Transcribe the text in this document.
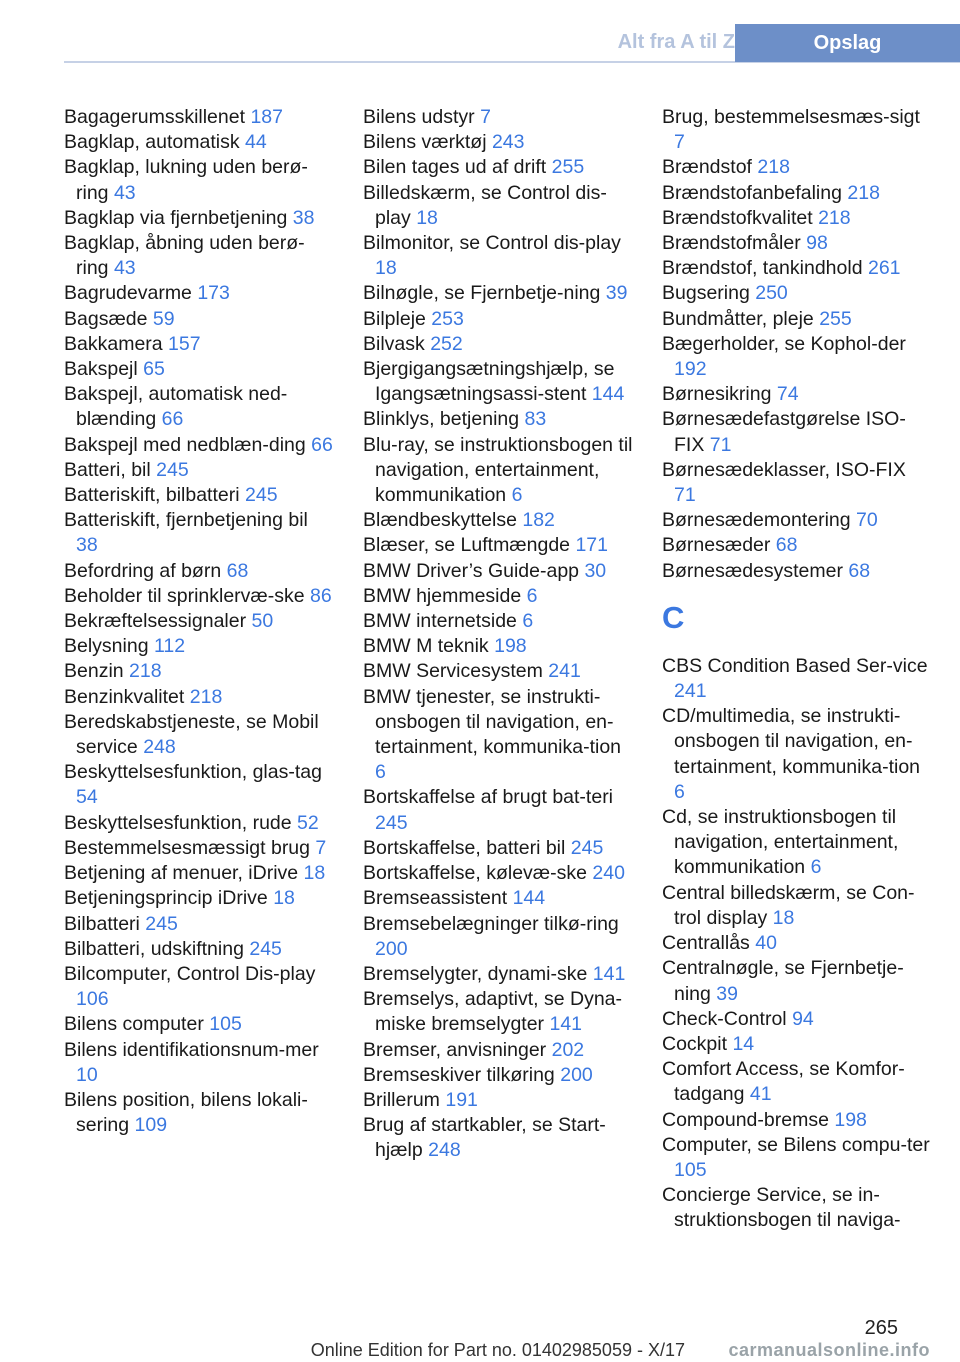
Alt fra A til Z	Opslag
Bagagerumsskillenet 187
Bagklap, automatisk 44
Bagklap, lukning uden berø-ring 43
Bagklap via fjernbetjening 38
Bagklap, åbning uden berø-ring 43
Bagrudevarme 173
Bagsæde 59
Bakkamera 157
Bakspejl 65
Bakspejl, automatisk ned-blænding 66
Bakspejl med nedblæn-ding 66
Batteri, bil 245
Batteriskift, bilbatteri 245
Batteriskift, fjernbetjening bil 38
Befordring af børn 68
Beholder til sprinklervæ-ske 86
Bekræftelsessignaler 50
Belysning 112
Benzin 218
Benzinkvalitet 218
Beredskabstjeneste, se Mobil service 248
Beskyttelsesfunktion, glas-tag 54
Beskyttelsesfunktion, rude 52
Bestemmelsesmæssigt brug 7
Betjening af menuer, iDrive 18
Betjeningsprincip iDrive 18
Bilbatteri 245
Bilbatteri, udskiftning 245
Bilcomputer, Control Dis-play 106
Bilens computer 105
Bilens identifikationsnum-mer 10
Bilens position, bilens lokali-sering 109
Bilens udstyr 7
Bilens værktøj 243
Bilen tages ud af drift 255
Billedskærm, se Control dis-play 18
Bilmonitor, se Control dis-play 18
Bilnøgle, se Fjernbetje-ning 39
Bilpleje 253
Bilvask 252
Bjergigangsætningshjælp, se Igangsætningsassi-stent 144
Blinklys, betjening 83
Blu-ray, se instruktionsbogen til navigation, entertainment, kommunikation 6
Blændbeskyttelse 182
Blæser, se Luftmængde 171
BMW Driver’s Guide-app 30
BMW hjemmeside 6
BMW internetside 6
BMW M teknik 198
BMW Servicesystem 241
BMW tjenester, se instrukti-onsbogen til navigation, en-tertainment, kommunika-tion 6
Bortskaffelse af brugt bat-teri 245
Bortskaffelse, batteri bil 245
Bortskaffelse, kølevæ-ske 240
Bremseassistent 144
Bremsebelægninger tilkø-ring 200
Bremselygter, dynami-ske 141
Bremselys, adaptivt, se Dyna-miske bremselygter 141
Bremser, anvisninger 202
Bremseskiver tilkøring 200
Brillerum 191
Brug af startkabler, se Start-hjælp 248
Brug, bestemmelsesmæs-sigt 7
Brændstof 218
Brændstofanbefaling 218
Brændstofkvalitet 218
Brændstofmåler 98
Brændstof, tankindhold 261
Bugsering 250
Bundmåtter, pleje 255
Bægerholder, se Kophol-der 192
Børnesikring 74
Børnesædefastgørelse ISO-FIX 71
Børnesædeklasser, ISO-FIX 71
Børnesædemontering 70
Børnesæder 68
Børnesædesystemer 68
C
CBS Condition Based Ser-vice 241
CD/multimedia, se instrukti-onsbogen til navigation, en-tertainment, kommunika-tion 6
Cd, se instruktionsbogen til navigation, entertainment, kommunikation 6
Central billedskærm, se Con-trol display 18
Centrallås 40
Centralnøgle, se Fjernbetje-ning 39
Check-Control 94
Cockpit 14
Comfort Access, se Komfor-tadgang 41
Compound-bremse 198
Computer, se Bilens compu-ter 105
Concierge Service, se in-struktionsbogen til naviga-
265
Online Edition for Part no. 01402985059 - X/17 carmanualsonline.info
